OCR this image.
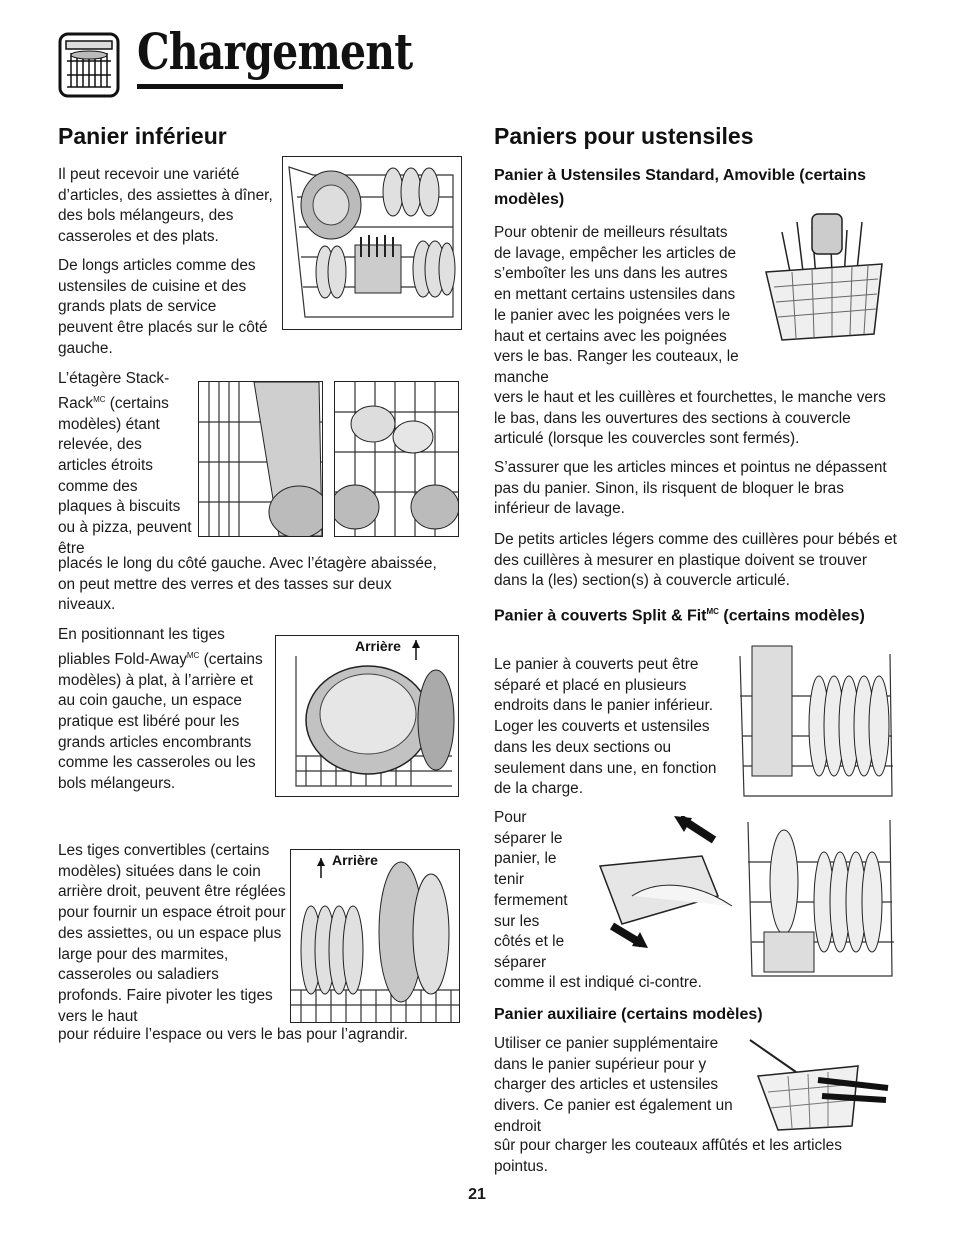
Chargement
Panier inférieur
Il peut recevoir une variété d’articles, des assiettes à dîner, des bols mélangeurs, des casseroles et des plats.
De longs articles comme des ustensiles de cuisine et des grands plats de service peuvent être placés sur le côté gauche.
L’étagère Stack-
Rack$^{MC}$ (certains modèles) étant relevée, des articles étroits comme des plaques à biscuits ou à pizza, peuvent être
placés le long du côté gauche. Avec l’étagère abaissée, on peut mettre des verres et des tasses sur deux niveaux.
En positionnant les tiges pliables Fold-Away$^{MC}$ (certains modèles) à plat, à l’arrière et au coin gauche, un espace pratique est libéré pour les grands articles encombrants comme les casseroles ou les bols mélangeurs.
Arrière
Les tiges convertibles (certains modèles) situées dans le coin arrière droit, peuvent être réglées pour fournir un espace étroit pour des assiettes, ou un espace plus large pour des marmites, casseroles ou saladiers profonds. Faire pivoter les tiges vers le haut
pour réduire l’espace ou vers le bas pour l’agrandir.
Arrière
Paniers pour ustensiles
Panier à Ustensiles Standard, Amovible (certains modèles)
Pour obtenir de meilleurs résultats de lavage, empêcher les articles de s’emboîter les uns dans les autres en mettant certains ustensiles dans le panier avec les poignées vers le haut et certains avec les poignées vers le bas. Ranger les couteaux, le manche
vers le haut et les cuillères et fourchettes, le manche vers le bas, dans les ouvertures des sections à couvercle articulé (lorsque les couvercles sont fermés).
S’assurer que les articles minces et pointus ne dépassent pas du panier. Sinon, ils risquent de bloquer le bras inférieur de lavage.
De petits articles légers comme des cuillères pour bébés et des cuillères à mesurer en plastique doivent se trouver dans la (les) section(s) à couvercle articulé.
Panier à couverts Split & Fit$^{MC}$ (certains modèles)
Le panier à couverts peut être séparé et placé en plusieurs endroits dans le panier inférieur. Loger les couverts et ustensiles dans les deux sections ou seulement dans une, en fonction de la charge.
Pour séparer le panier, le tenir fermement sur les côtés et le séparer
comme il est indiqué ci-contre.
Panier auxiliaire (certains modèles)
Utiliser ce panier supplémentaire dans le panier supérieur pour y charger des articles et ustensiles divers. Ce panier est également un endroit
sûr pour charger les couteaux affûtés et les articles pointus.
21
